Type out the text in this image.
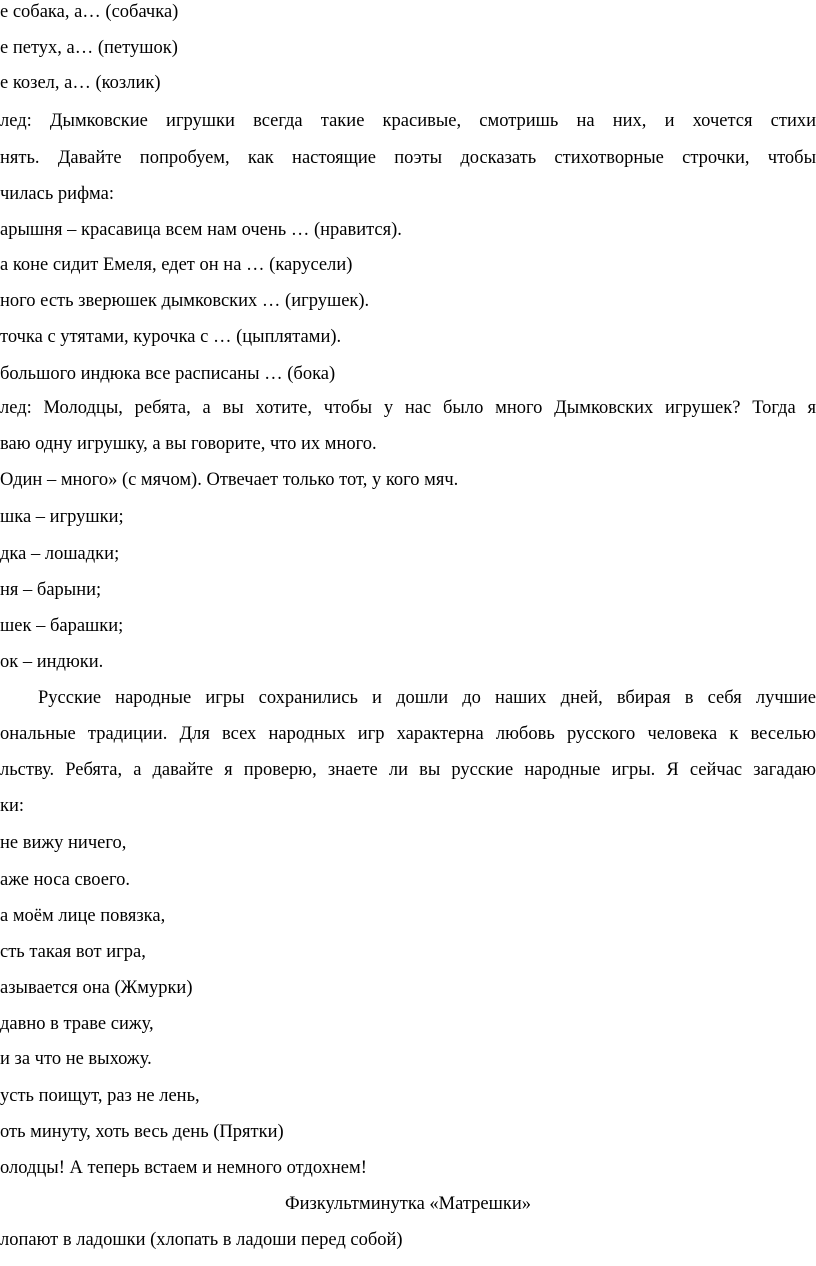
е собака, а… (собачка)

е петух, а… (петушок)

е козел, а… (козлик)

лед: Дымковские игрушки всегда такие красивые, смотришь на них, и хочется стихи

нять. Давайте попробуем, как настоящие поэты досказать стихотворные строчки, чтобы

чилась рифма:

арышня – красавица всем нам очень … (нравится).

а коне сидит Емеля, едет он на … (карусели)

ного есть зверюшек дымковских … (игрушек).

точка с утятами, курочка с … (цыплятами).

большого индюка все расписаны … (бока)

лед: Молодцы, ребята, а вы хотите, чтобы у нас было много Дымковских игрушек? Тогда я

ваю одну игрушку, а вы говорите, что их много.

Один – много» (с мячом). Отвечает только тот, у кого мяч.

шка – игрушки;

дка – лошадки;

ня – барыни;

шек – барашки;

ок – индюки.

Русские народные игры сохранились и дошли до наших дней, вбирая в себя лучшие

ональные традиции. Для всех народных игр характерна любовь русского человека к веселью

льству. Ребята, а давайте я проверю, знаете ли вы русские народные игры. Я сейчас загадаю

ки:

не вижу ничего,

аже носа своего.

а моём лице повязка,

сть такая вот игра,

азывается она (Жмурки)

давно в траве сижу,

и за что не выхожу.

усть поищут, раз не лень,

оть минуту, хоть весь день (Прятки)

олодцы! А теперь встаем и немного отдохнем!

Физкультминутка «Матрешки»

лопают в ладошки (хлопать в ладоши перед собой)
